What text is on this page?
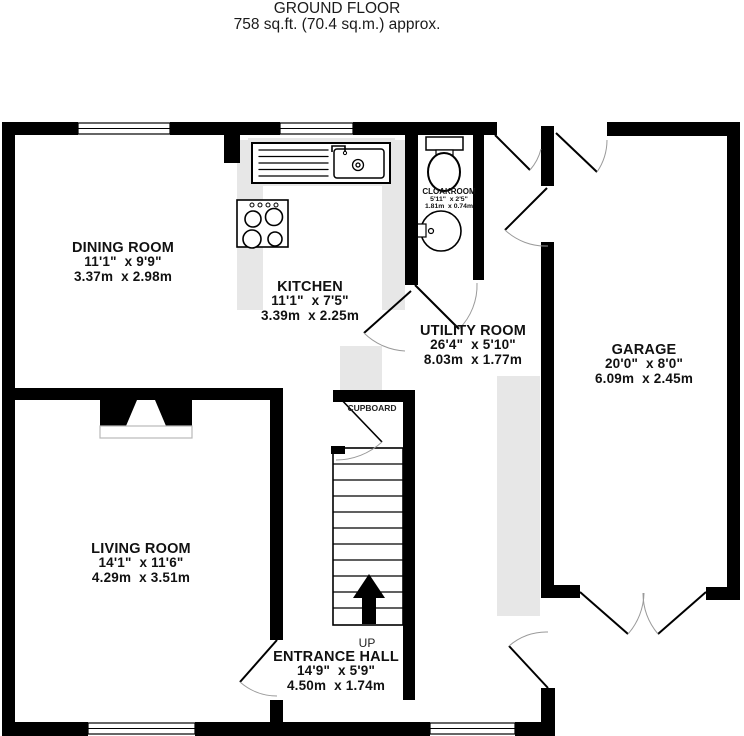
GROUND FLOOR
758 sq.ft. (70.4 sq.m.) approx.
DINING ROOM
11'1"  x 9'9"
3.37m  x 2.98m
KITCHEN
11'1"  x 7'5"
3.39m  x 2.25m
CLOAKROOM
5'11"  x 2'5"
1.81m  x 0.74m
UTILITY ROOM
26'4"  x 5'10"
8.03m  x 1.77m
GARAGE
20'0"  x 8'0"
6.09m  x 2.45m
LIVING ROOM
14'1"  x 11'6"
4.29m  x 3.51m
ENTRANCE HALL
14'9"  x 5'9"
4.50m  x 1.74m
UP
CUPBOARD
